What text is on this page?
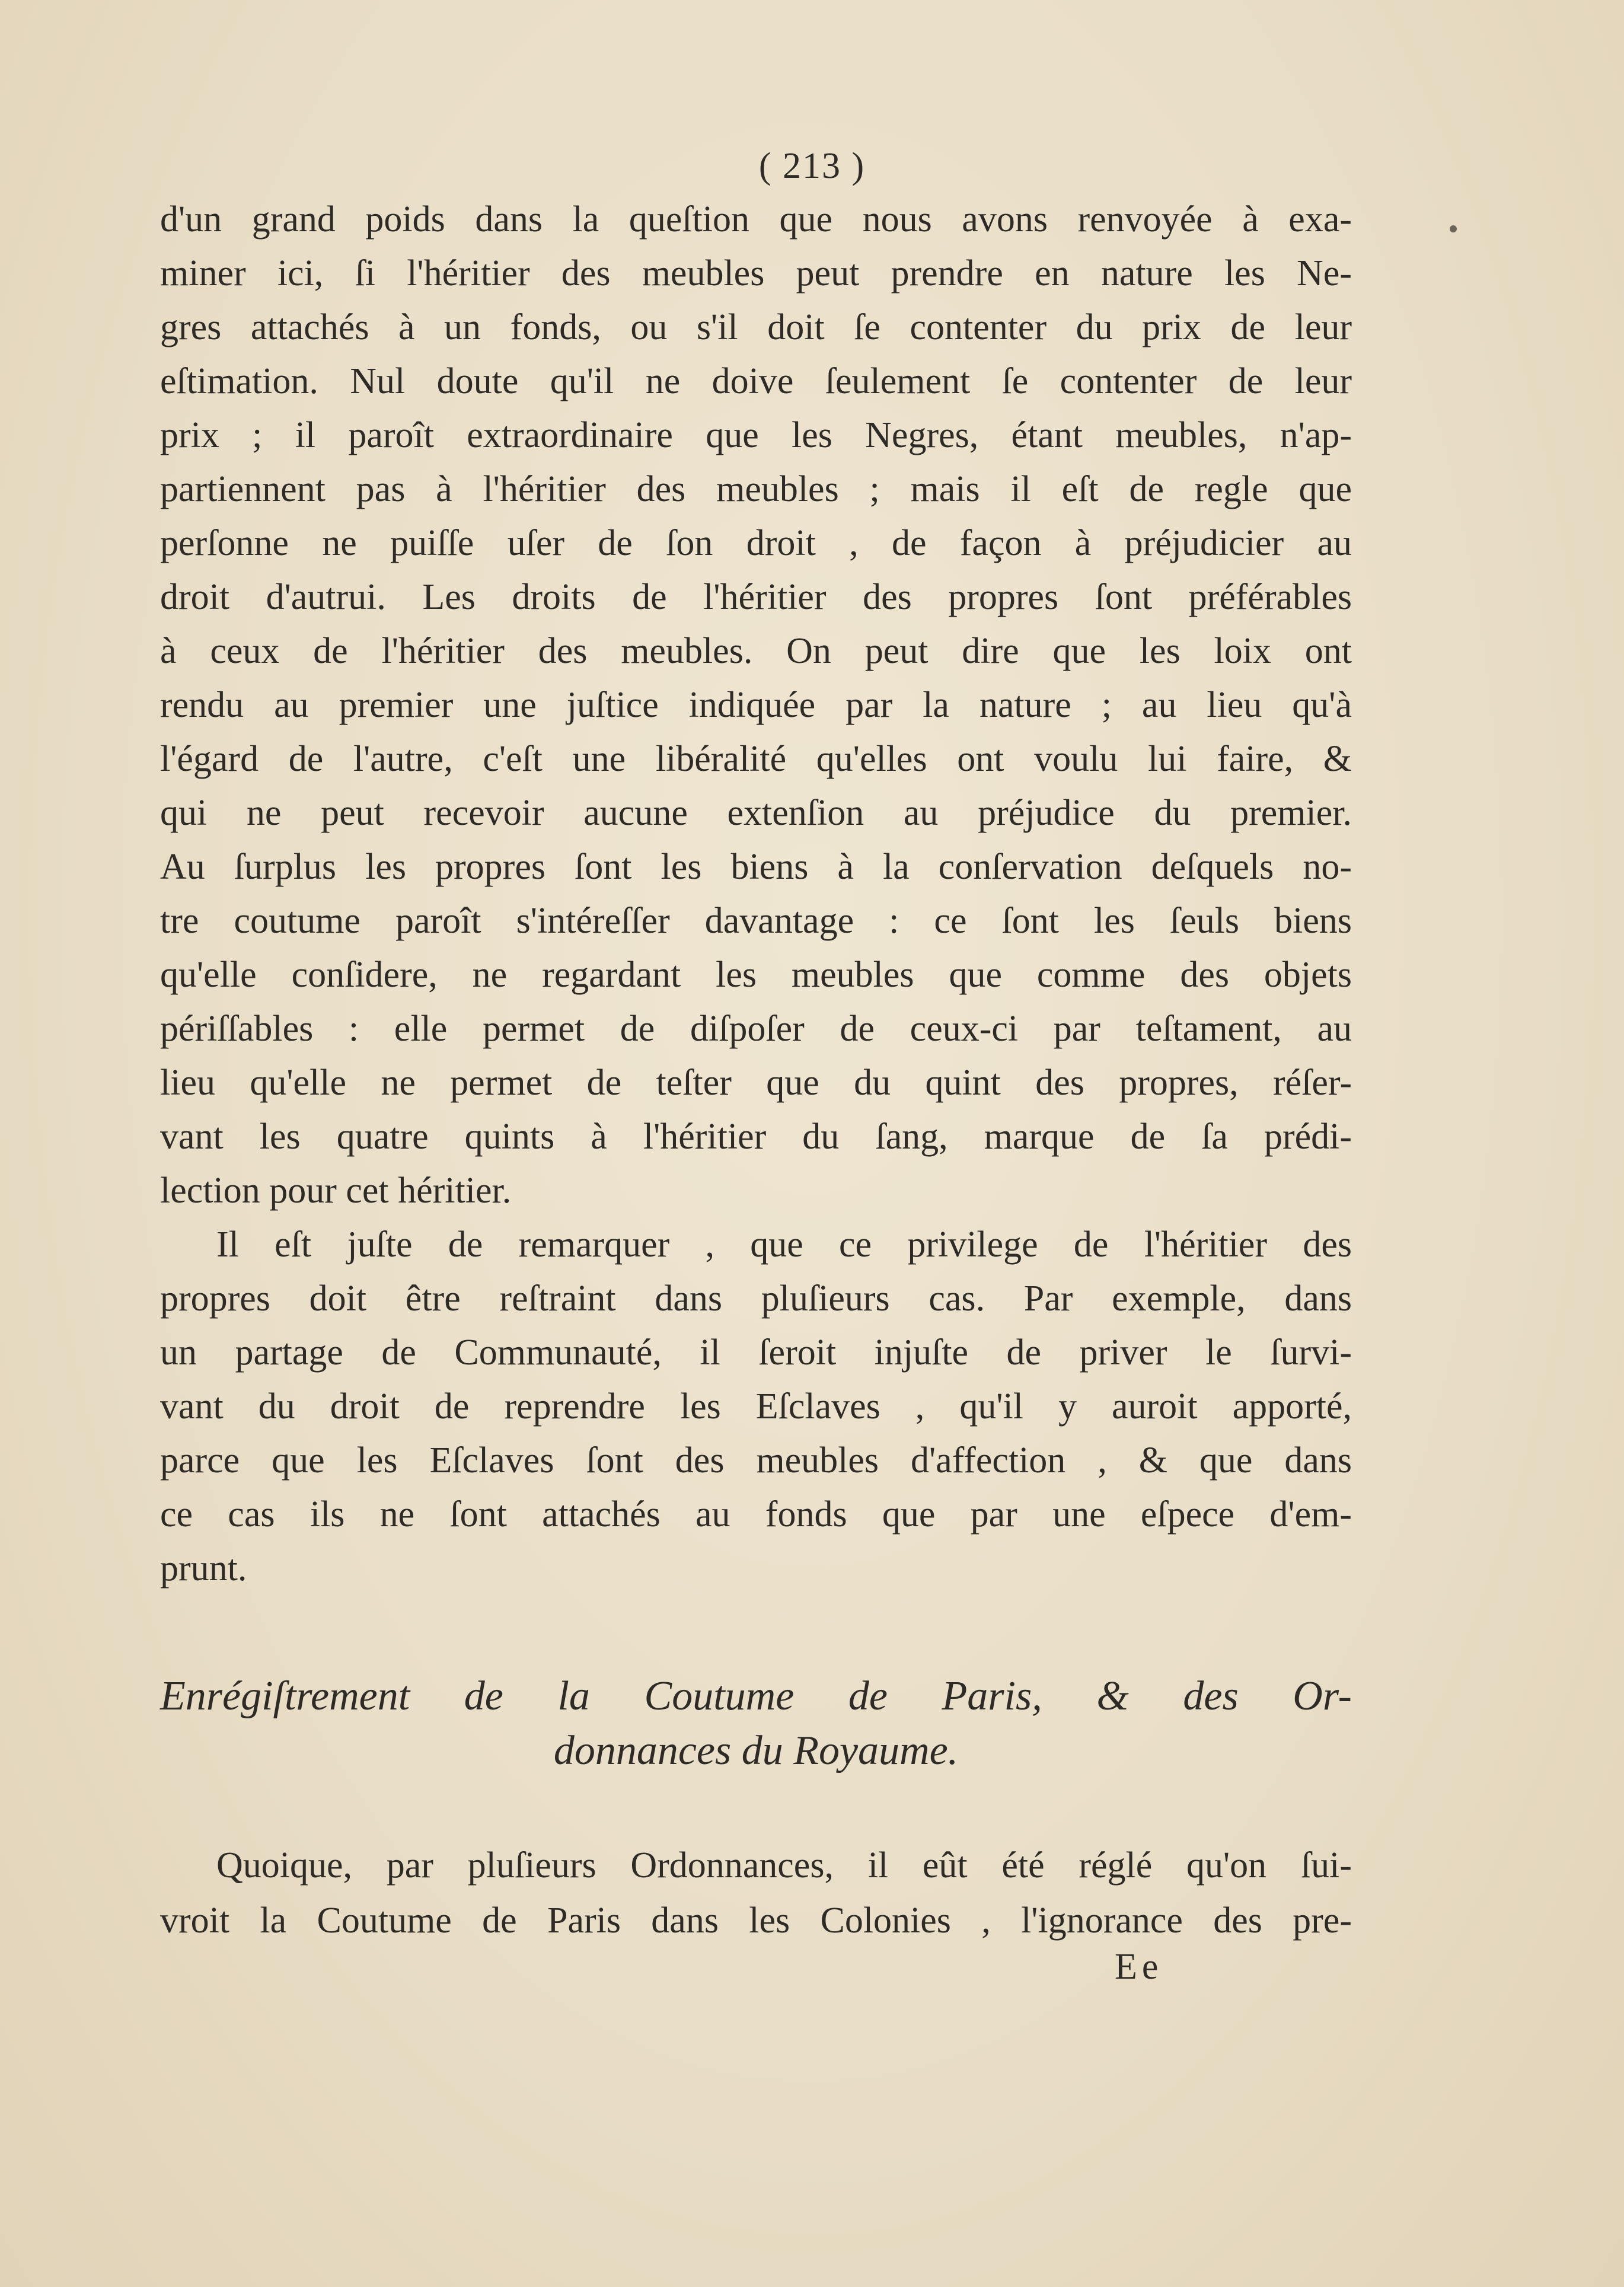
( 213 )
d'un grand poids dans la queſtion que nous avons renvoyée à exa-
miner ici, ſi l'héritier des meubles peut prendre en nature les Ne-
gres attachés à un fonds, ou s'il doit ſe contenter du prix de leur
eſtimation. Nul doute qu'il ne doive ſeulement ſe contenter de leur
prix ; il paroît extraordinaire que les Negres, étant meubles, n'ap-
partiennent pas à l'héritier des meubles ; mais il eſt de regle que
perſonne ne puiſſe uſer de ſon droit , de façon à préjudicier au
droit d'autrui. Les droits de l'héritier des propres ſont préférables
à ceux de l'héritier des meubles. On peut dire que les loix ont
rendu au premier une juſtice indiquée par la nature ; au lieu qu'à
l'égard de l'autre, c'eſt une libéralité qu'elles ont voulu lui faire, &
qui ne peut recevoir aucune extenſion au préjudice du premier.
Au ſurplus les propres ſont les biens à la conſervation deſquels no-
tre coutume paroît s'intéreſſer davantage : ce ſont les ſeuls biens
qu'elle conſidere, ne regardant les meubles que comme des objets
périſſables : elle permet de diſpoſer de ceux-ci par teſtament, au
lieu qu'elle ne permet de teſter que du quint des propres, réſer-
vant les quatre quints à l'héritier du ſang, marque de ſa prédi-
lection pour cet héritier.
Il eſt juſte de remarquer , que ce privilege de l'héritier des
propres doit être reſtraint dans pluſieurs cas. Par exemple, dans
un partage de Communauté, il ſeroit injuſte de priver le ſurvi-
vant du droit de reprendre les Eſclaves , qu'il y auroit apporté,
parce que les Eſclaves ſont des meubles d'affection , & que dans
ce cas ils ne ſont attachés au fonds que par une eſpece d'em-
prunt.
Enrégiſtrement de la Coutume de Paris, & des Or-
donnances du Royaume.
Quoique, par pluſieurs Ordonnances, il eût été réglé qu'on ſui-
vroit la Coutume de Paris dans les Colonies , l'ignorance des pre-
Ee
